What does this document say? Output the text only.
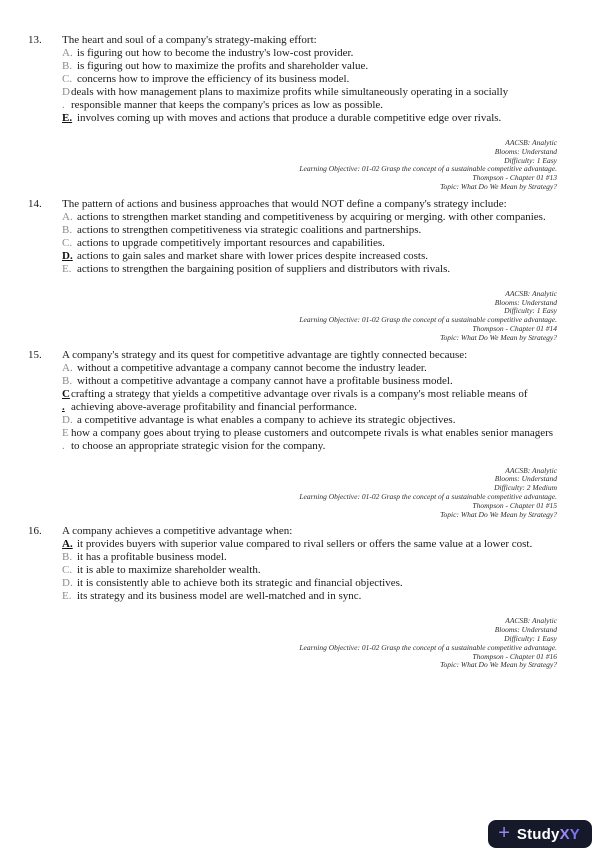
13.	The heart and soul of a company's strategy-making effort:
A. is figuring out how to become the industry's low-cost provider.
B. is figuring out how to maximize the profits and shareholder value.
C. concerns how to improve the efficiency of its business model.
D.
deals with how management plans to maximize profits while simultaneously operating in a socially responsible manner that keeps the company's prices as low as possible.
E. involves coming up with moves and actions that produce a durable competitive edge over rivals.
AACSB: Analytic
Blooms: Understand
Difficulty: 1 Easy
Learning Objective: 01-02 Grasp the concept of a sustainable competitive advantage.
Thompson - Chapter 01 #13
Topic: What Do We Mean by Strategy?
14.	The pattern of actions and business approaches that would NOT define a company's strategy include:
A. actions to strengthen market standing and competitiveness by acquiring or merging. with other companies.
B. actions to strengthen competitiveness via strategic coalitions and partnerships.
C. actions to upgrade competitively important resources and capabilities.
D. actions to gain sales and market share with lower prices despite increased costs.
E. actions to strengthen the bargaining position of suppliers and distributors with rivals.
AACSB: Analytic
Blooms: Understand
Difficulty: 1 Easy
Learning Objective: 01-02 Grasp the concept of a sustainable competitive advantage.
Thompson - Chapter 01 #14
Topic: What Do We Mean by Strategy?
15.	A company's strategy and its quest for competitive advantage are tightly connected because:
A. without a competitive advantage a company cannot become the industry leader.
B. without a competitive advantage a company cannot have a profitable business model.
C.
crafting a strategy that yields a competitive advantage over rivals is a company's most reliable means of achieving above-average profitability and financial performance.
D. a competitive advantage is what enables a company to achieve its strategic objectives.
E.
how a company goes about trying to please customers and outcompete rivals is what enables senior managers to choose an appropriate strategic vision for the company.
AACSB: Analytic
Blooms: Understand
Difficulty: 2 Medium
Learning Objective: 01-02 Grasp the concept of a sustainable competitive advantage.
Thompson - Chapter 01 #15
Topic: What Do We Mean by Strategy?
16.	A company achieves a competitive advantage when:
A. it provides buyers with superior value compared to rival sellers or offers the same value at a lower cost.
B. it has a profitable business model.
C. it is able to maximize shareholder wealth.
D. it is consistently able to achieve both its strategic and financial objectives.
E. its strategy and its business model are well-matched and in sync.
AACSB: Analytic
Blooms: Understand
Difficulty: 1 Easy
Learning Objective: 01-02 Grasp the concept of a sustainable competitive advantage.
Thompson - Chapter 01 #16
Topic: What Do We Mean by Strategy?
+ StudyXY
